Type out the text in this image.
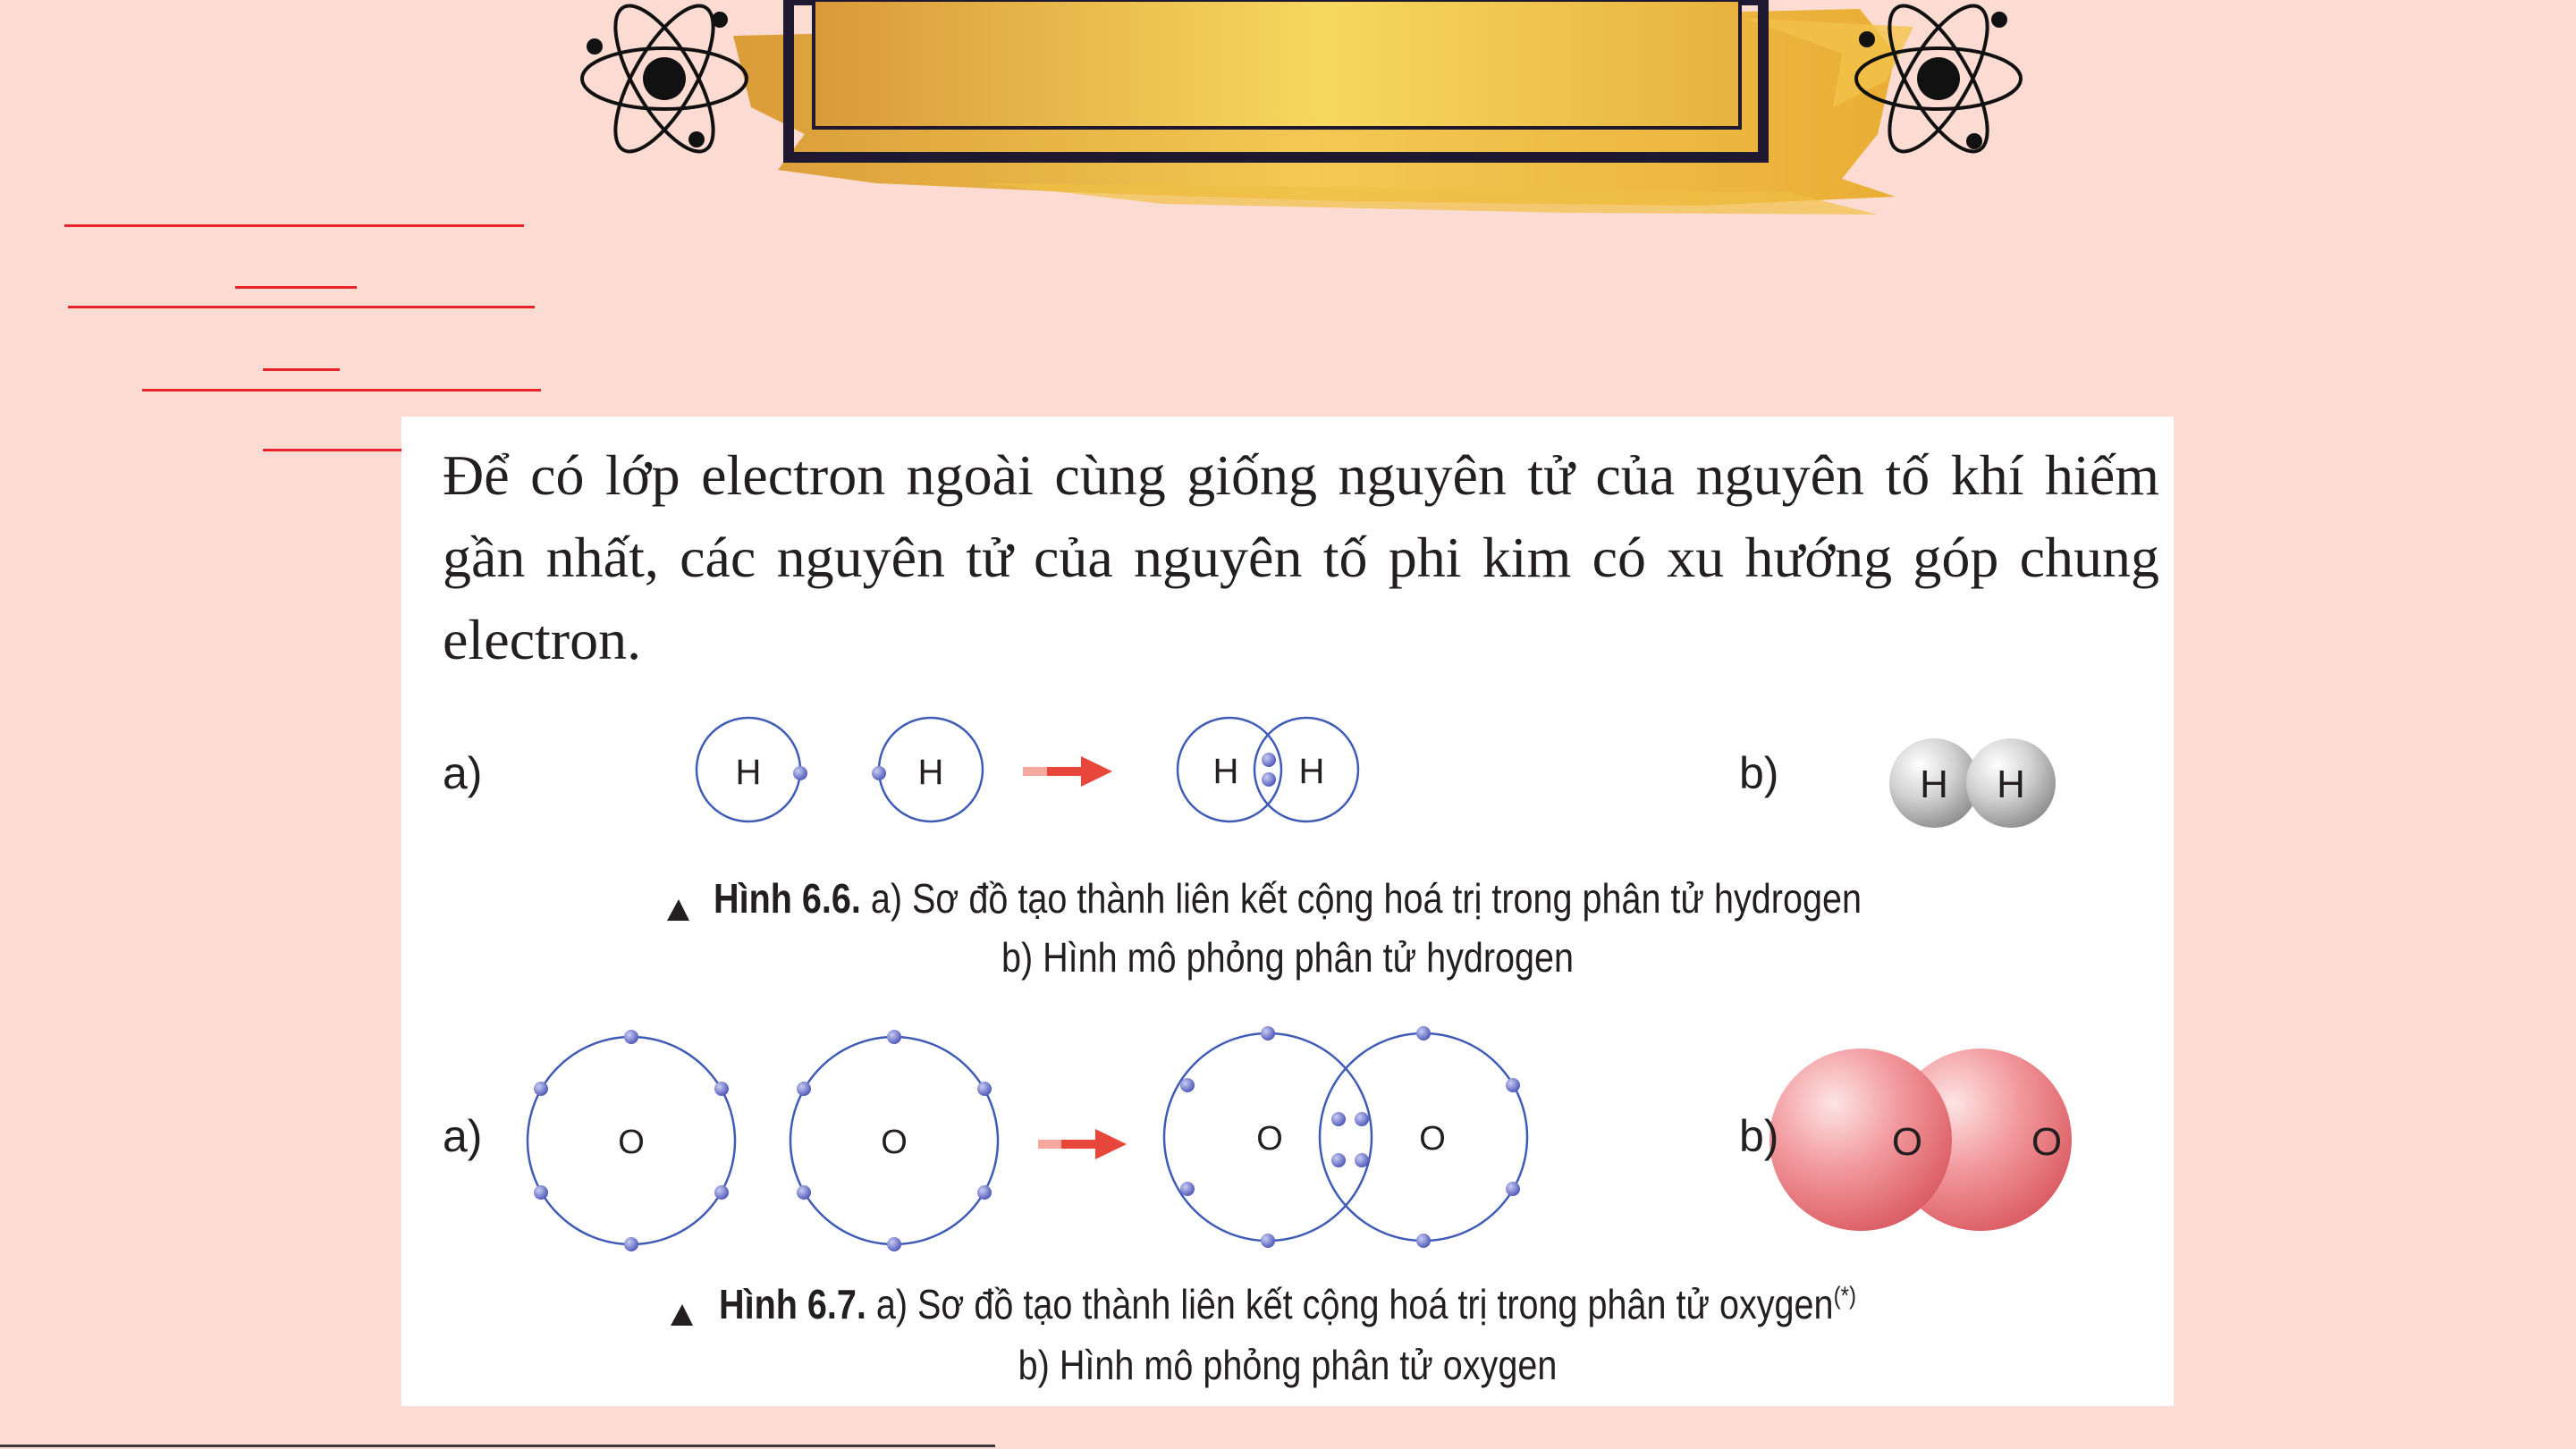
Để có lớp electron ngoài cùng giống nguyên tử của nguyên tố khí hiếm gần nhất, các nguyên tử của nguyên tố phi kim có xu hướng góp chung electron.

a)	b)
H	H	H H	H H
O	O	O	O	O	O
Hình 6.6. a) Sơ đồ tạo thành liên kết cộng hoá trị trong phân tử hydrogen
b) Hình mô phỏng phân tử hydrogen
a)	b)
Hình 6.7. a) Sơ đồ tạo thành liên kết cộng hoá trị trong phân tử oxygen(*)
b) Hình mô phỏng phân tử oxygen
